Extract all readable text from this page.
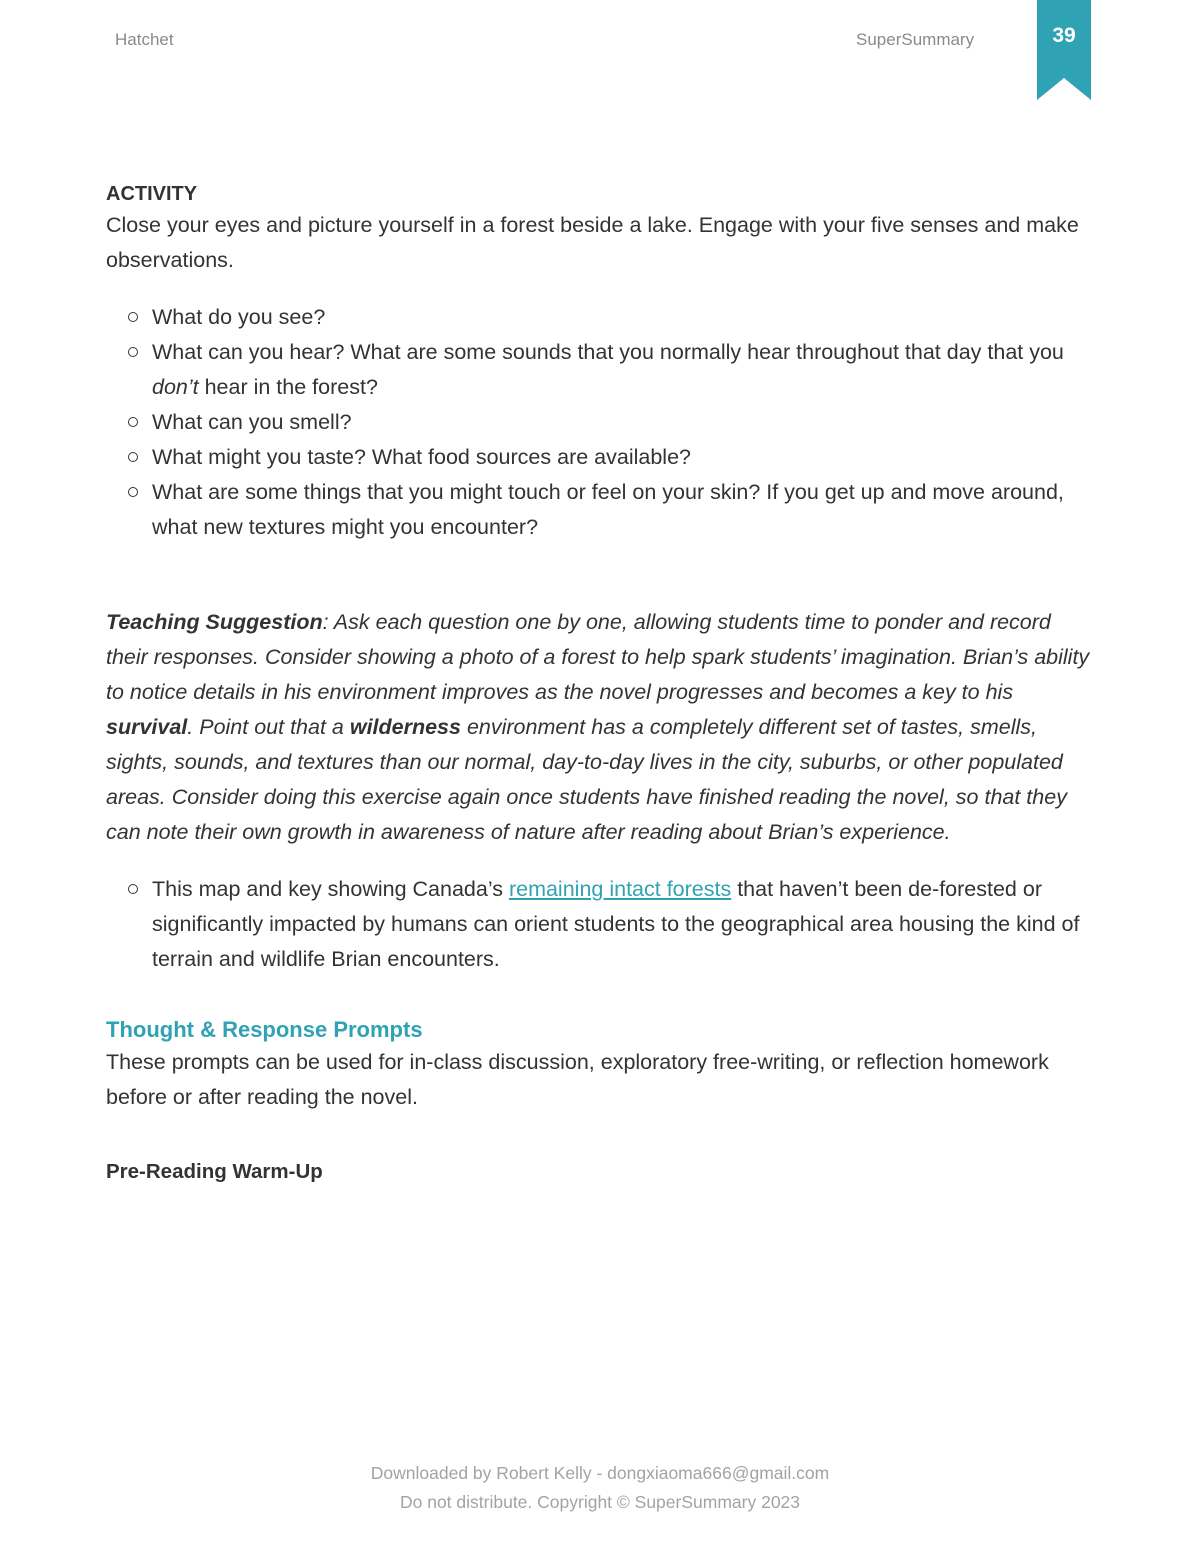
Hatchet	SuperSummary	39

ACTIVITY

Close your eyes and picture yourself in a forest beside a lake. Engage with your five senses and make observations.

What do you see?
What can you hear? What are some sounds that you normally hear throughout that day that you don’t hear in the forest?
What can you smell?
What might you taste? What food sources are available?
What are some things that you might touch or feel on your skin? If you get up and move around, what new textures might you encounter?

Teaching Suggestion: Ask each question one by one, allowing students time to ponder and record their responses. Consider showing a photo of a forest to help spark students’ imagination. Brian’s ability to notice details in his environment improves as the novel progresses and becomes a key to his survival. Point out that a wilderness environment has a completely different set of tastes, smells, sights, sounds, and textures than our normal, day-to-day lives in the city, suburbs, or other populated areas. Consider doing this exercise again once students have finished reading the novel, so that they can note their own growth in awareness of nature after reading about Brian’s experience.

This map and key showing Canada’s remaining intact forests that haven’t been de-forested or significantly impacted by humans can orient students to the geographical area housing the kind of terrain and wildlife Brian encounters.
Thought & Response Prompts

These prompts can be used for in-class discussion, exploratory free-writing, or reflection homework before or after reading the novel.

Pre-Reading Warm-Up
Downloaded by Robert Kelly - dongxiaoma666@gmail.com
Do not distribute. Copyright © SuperSummary 2023
